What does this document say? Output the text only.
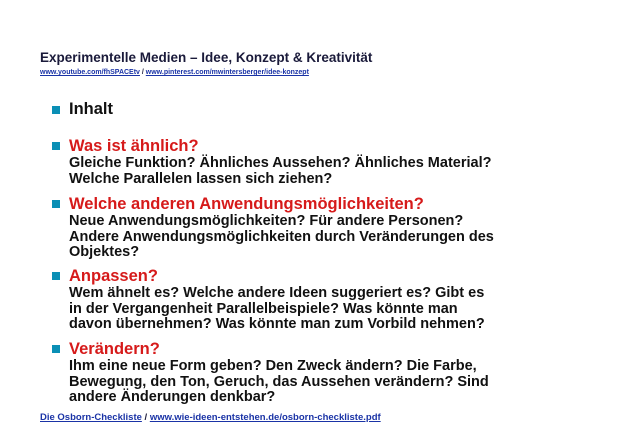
Experimentelle Medien – Idee, Konzept & Kreativität
www.youtube.com/fhSPACEtv / www.pinterest.com/mwintersberger/idee-konzept
Inhalt
Was ist ähnlich?
Gleiche Funktion? Ähnliches Aussehen? Ähnliches Material?
Welche Parallelen lassen sich ziehen?
Welche anderen Anwendungsmöglichkeiten?
Neue Anwendungsmöglichkeiten? Für andere Personen?
Andere Anwendungsmöglichkeiten durch Veränderungen des
Objektes?
Anpassen?
Wem ähnelt es? Welche andere Ideen suggeriert es? Gibt es
in der Vergangenheit Parallelbeispiele? Was könnte man
davon übernehmen? Was könnte man zum Vorbild nehmen?
Verändern?
Ihm eine neue Form geben? Den Zweck ändern? Die Farbe,
Bewegung, den Ton, Geruch, das Aussehen verändern? Sind
andere Änderungen denkbar?
Die Osborn-Checkliste / www.wie-ideen-entstehen.de/osborn-checkliste.pdf
